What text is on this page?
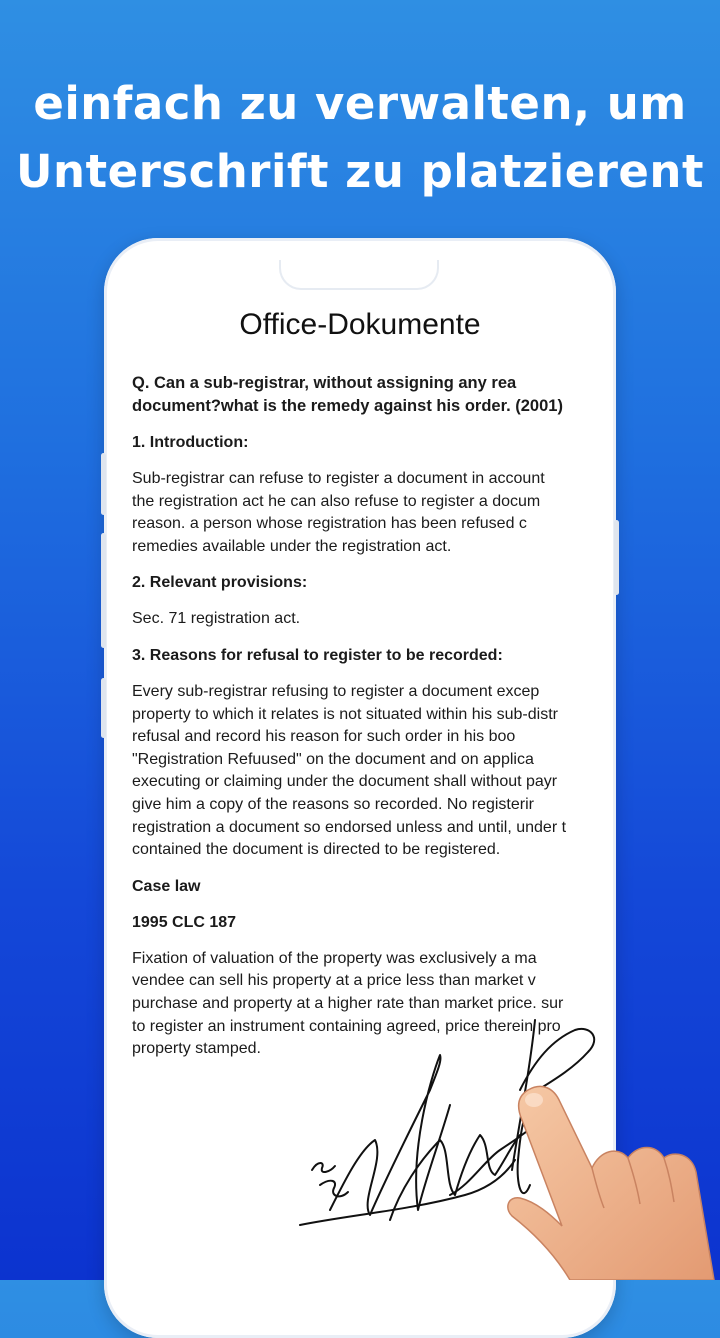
einfach zu verwalten, um
Unterschrift zu platzierent
Office-Dokumente
Q. Can a sub-registrar, without assigning any rea
document?what is the remedy against his order. (2001)
1. Introduction:
Sub-registrar can refuse to register a document in account
the registration act he can also refuse to register a docum
reason. a person whose registration has been refused c
remedies available under the registration act.
2. Relevant provisions:
Sec. 71 registration act.
3. Reasons for refusal to register to be recorded:
Every sub-registrar refusing to register a document excep
property to which it relates is not situated within his sub-distr
refusal and record his reason for such order in his boo
"Registration Refuused" on the document and on applica
executing or claiming under the document shall without payr
give him a copy of the reasons so recorded. No registerir
registration a document so endorsed unless and until, under t
contained the document is directed to be registered.
Case law
1995 CLC 187
Fixation of valuation of the property was exclusively a ma
vendee can sell his property at a price less than market v
purchase and property at a higher rate than market price. sur
to register an instrument containing agreed, price therein pro
property stamped.
